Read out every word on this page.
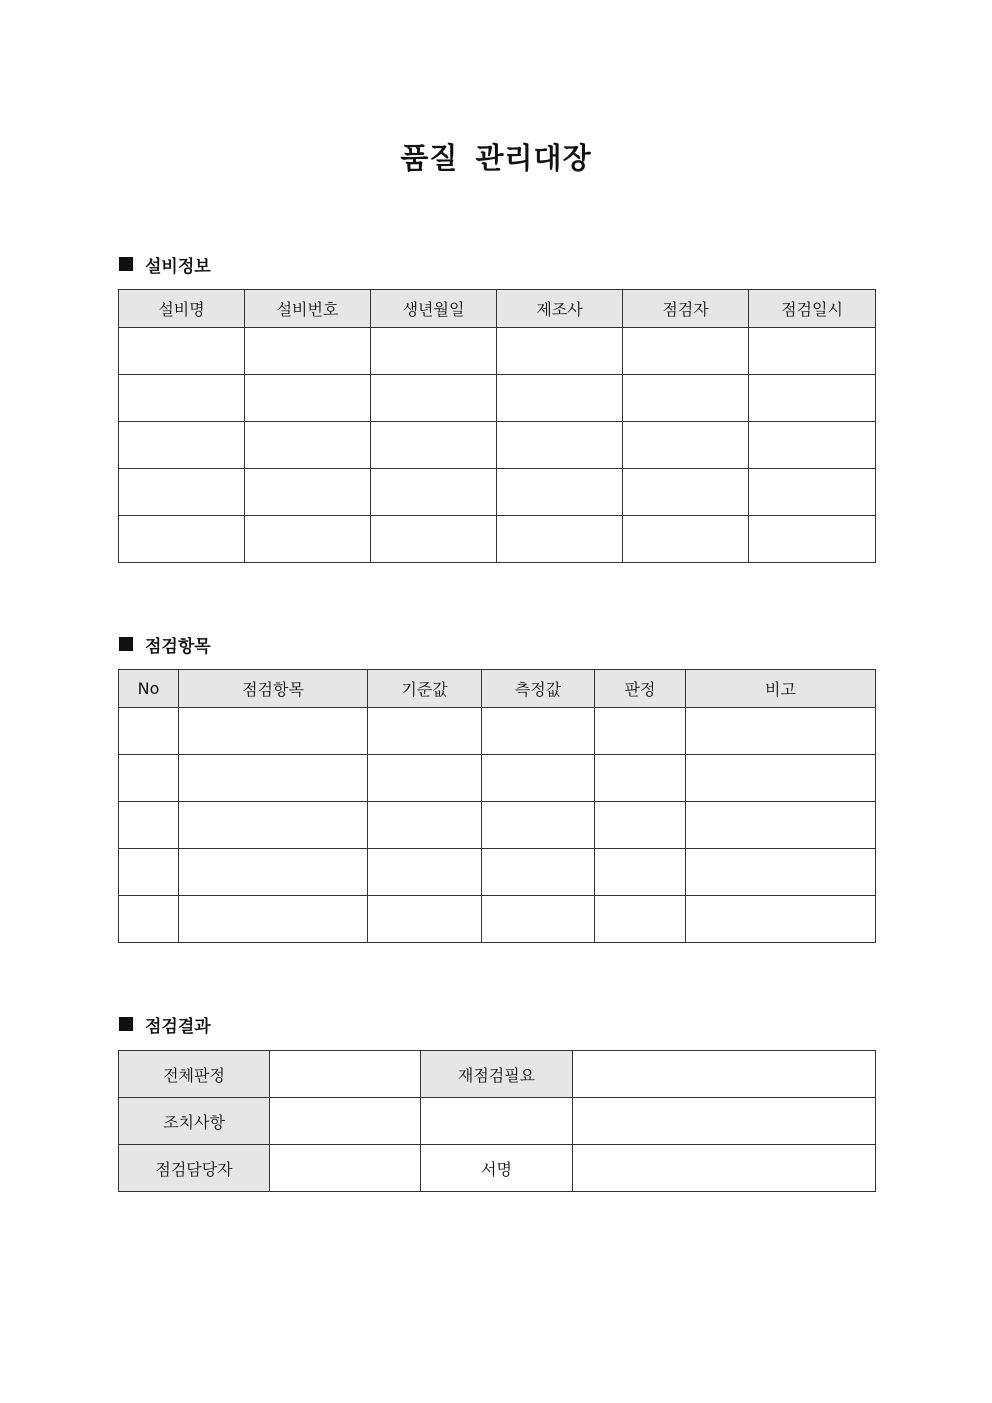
품질 관리대장
설비정보
설비명	설비번호	생년월일	제조사	점검자	점검일시

점검항목
No	점검항목	기준값	측정값	판정	비고

점검결과
전체판정		재점검필요	
조치사항			
점검담당자		서명	
